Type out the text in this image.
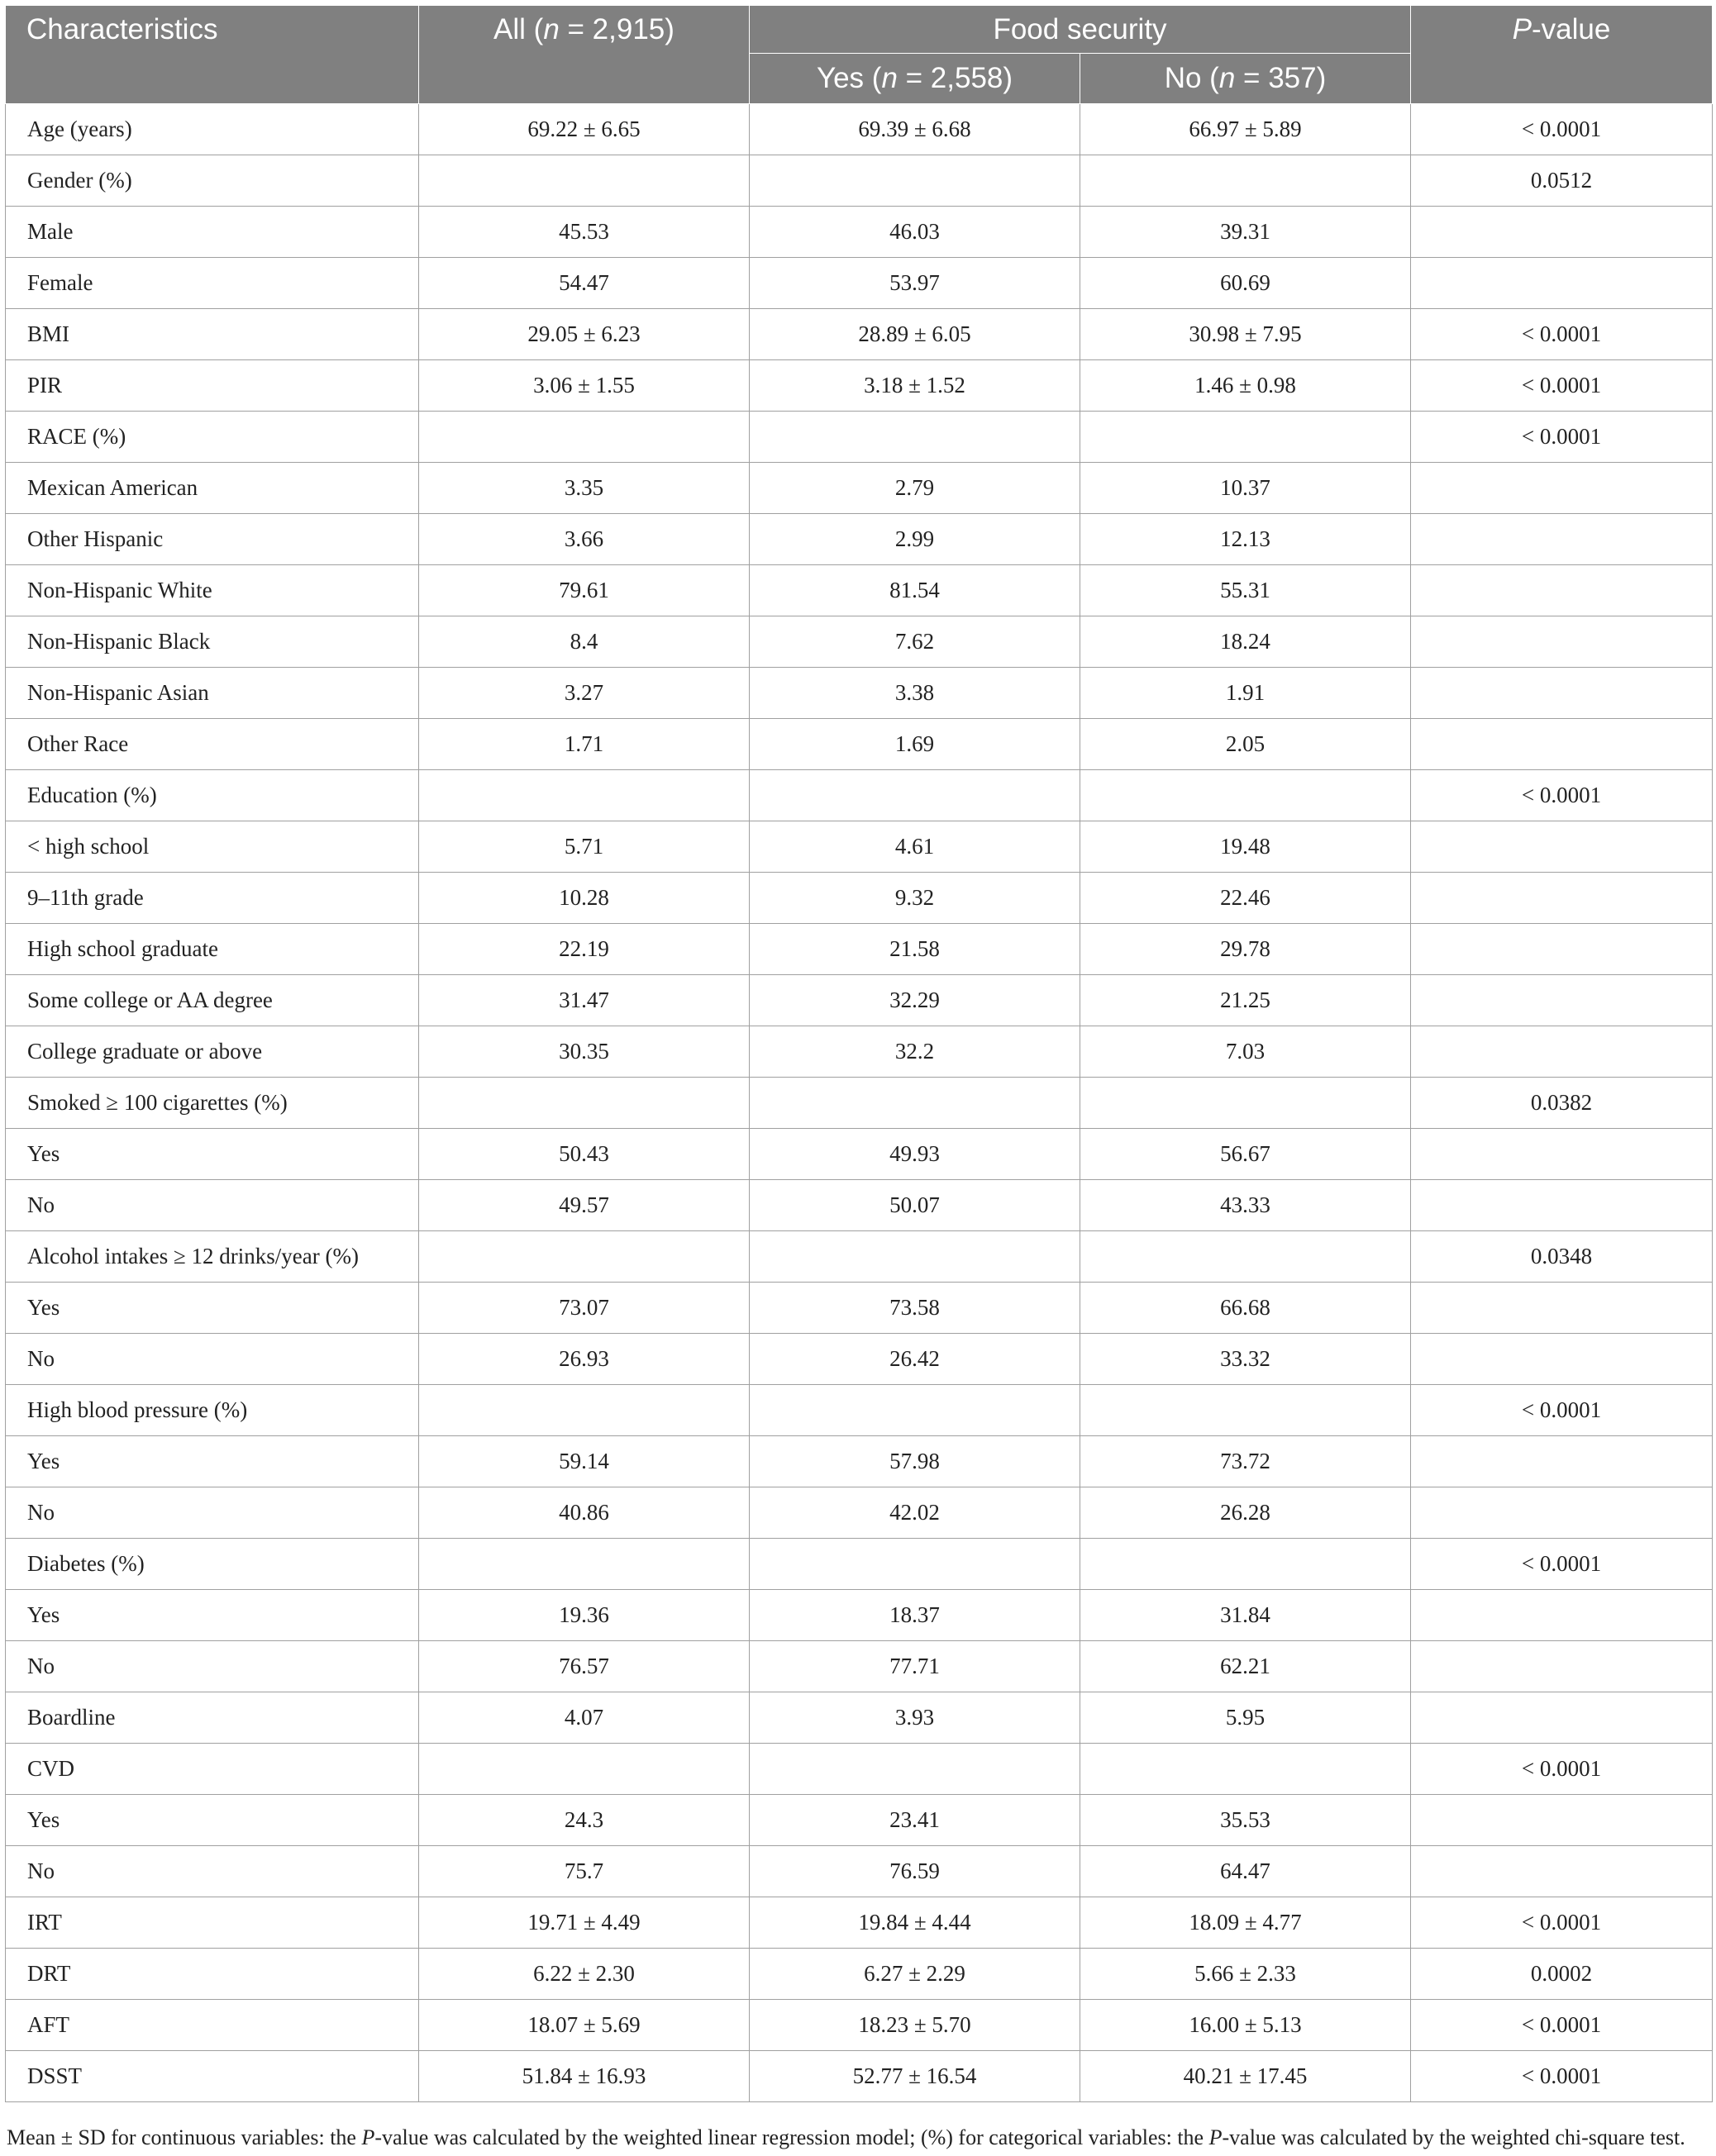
Characteristics	All (n = 2,915)	Food security		P-value
		Yes (n = 2,558)	No (n = 357)	
Age (years)	69.22 ± 6.65	69.39 ± 6.68	66.97 ± 5.89	< 0.0001
Gender (%)				0.0512
Male	45.53	46.03	39.31	
Female	54.47	53.97	60.69	
BMI	29.05 ± 6.23	28.89 ± 6.05	30.98 ± 7.95	< 0.0001
PIR	3.06 ± 1.55	3.18 ± 1.52	1.46 ± 0.98	< 0.0001
RACE (%)				< 0.0001
Mexican American	3.35	2.79	10.37	
Other Hispanic	3.66	2.99	12.13	
Non-Hispanic White	79.61	81.54	55.31	
Non-Hispanic Black	8.4	7.62	18.24	
Non-Hispanic Asian	3.27	3.38	1.91	
Other Race	1.71	1.69	2.05	
Education (%)				< 0.0001
< high school	5.71	4.61	19.48	
9–11th grade	10.28	9.32	22.46	
High school graduate	22.19	21.58	29.78	
Some college or AA degree	31.47	32.29	21.25	
College graduate or above	30.35	32.2	7.03	
Smoked ≥ 100 cigarettes (%)				0.0382
Yes	50.43	49.93	56.67	
No	49.57	50.07	43.33	
Alcohol intakes ≥ 12 drinks/year (%)				0.0348
Yes	73.07	73.58	66.68	
No	26.93	26.42	33.32	
High blood pressure (%)				< 0.0001
Yes	59.14	57.98	73.72	
No	40.86	42.02	26.28	
Diabetes (%)				< 0.0001
Yes	19.36	18.37	31.84	
No	76.57	77.71	62.21	
Boardline	4.07	3.93	5.95	
CVD				< 0.0001
Yes	24.3	23.41	35.53	
No	75.7	76.59	64.47	
IRT	19.71 ± 4.49	19.84 ± 4.44	18.09 ± 4.77	< 0.0001
DRT	6.22 ± 2.30	6.27 ± 2.29	5.66 ± 2.33	0.0002
AFT	18.07 ± 5.69	18.23 ± 5.70	16.00 ± 5.13	< 0.0001
DSST	51.84 ± 16.93	52.77 ± 16.54	40.21 ± 17.45	< 0.0001
Mean ± SD for continuous variables: the P-value was calculated by the weighted linear regression model; (%) for categorical variables: the P-value was calculated by the weighted chi-square test.
